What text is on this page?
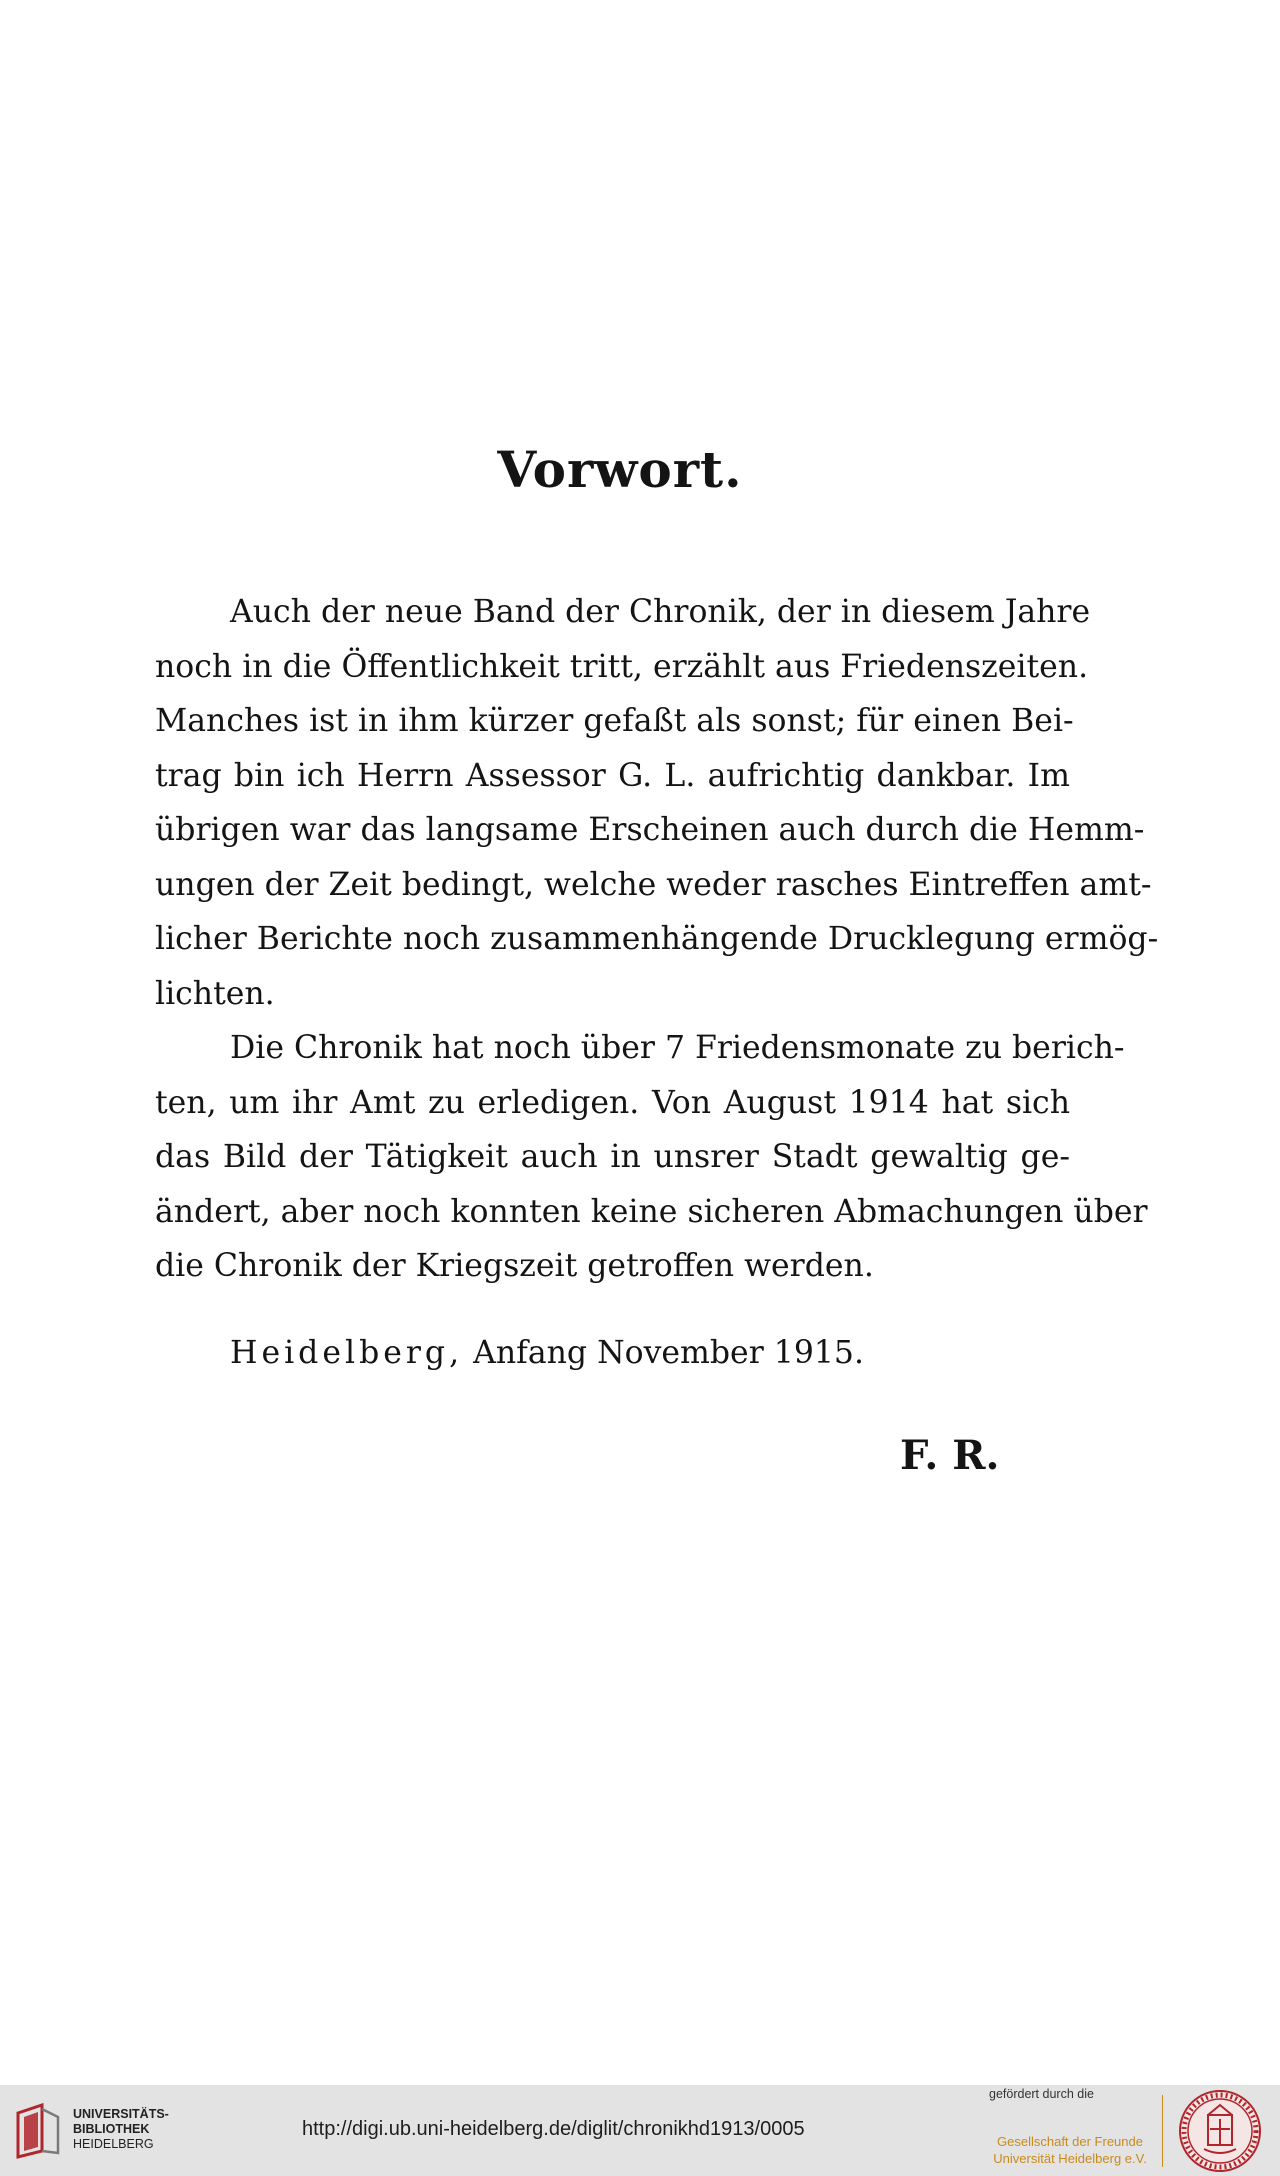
Vorwort.
Auch der neue Band der Chronik, der in diesem Jahre
noch in die Öffentlichkeit tritt, erzählt aus Friedenszeiten.
Manches ist in ihm kürzer gefaßt als sonst; für einen Bei-
trag bin ich Herrn Assessor G. L. aufrichtig dankbar. Im
übrigen war das langsame Erscheinen auch durch die Hemm-
ungen der Zeit bedingt, welche weder rasches Eintreffen amt-
licher Berichte noch zusammenhängende Drucklegung ermög-
lichten.
Die Chronik hat noch über 7 Friedensmonate zu berich-
ten, um ihr Amt zu erledigen. Von August 1914 hat sich
das Bild der Tätigkeit auch in unsrer Stadt gewaltig ge-
ändert, aber noch konnten keine sicheren Abmachungen über
die Chronik der Kriegszeit getroffen werden.
Heidelberg, Anfang November 1915.
F. R.
UNIVERSITÄTS-
BIBLIOTHEK
HEIDELBERG
http://digi.ub.uni-heidelberg.de/diglit/chronikhd1913/0005
gefördert durch die
Gesellschaft der Freunde
Universität Heidelberg e.V.
